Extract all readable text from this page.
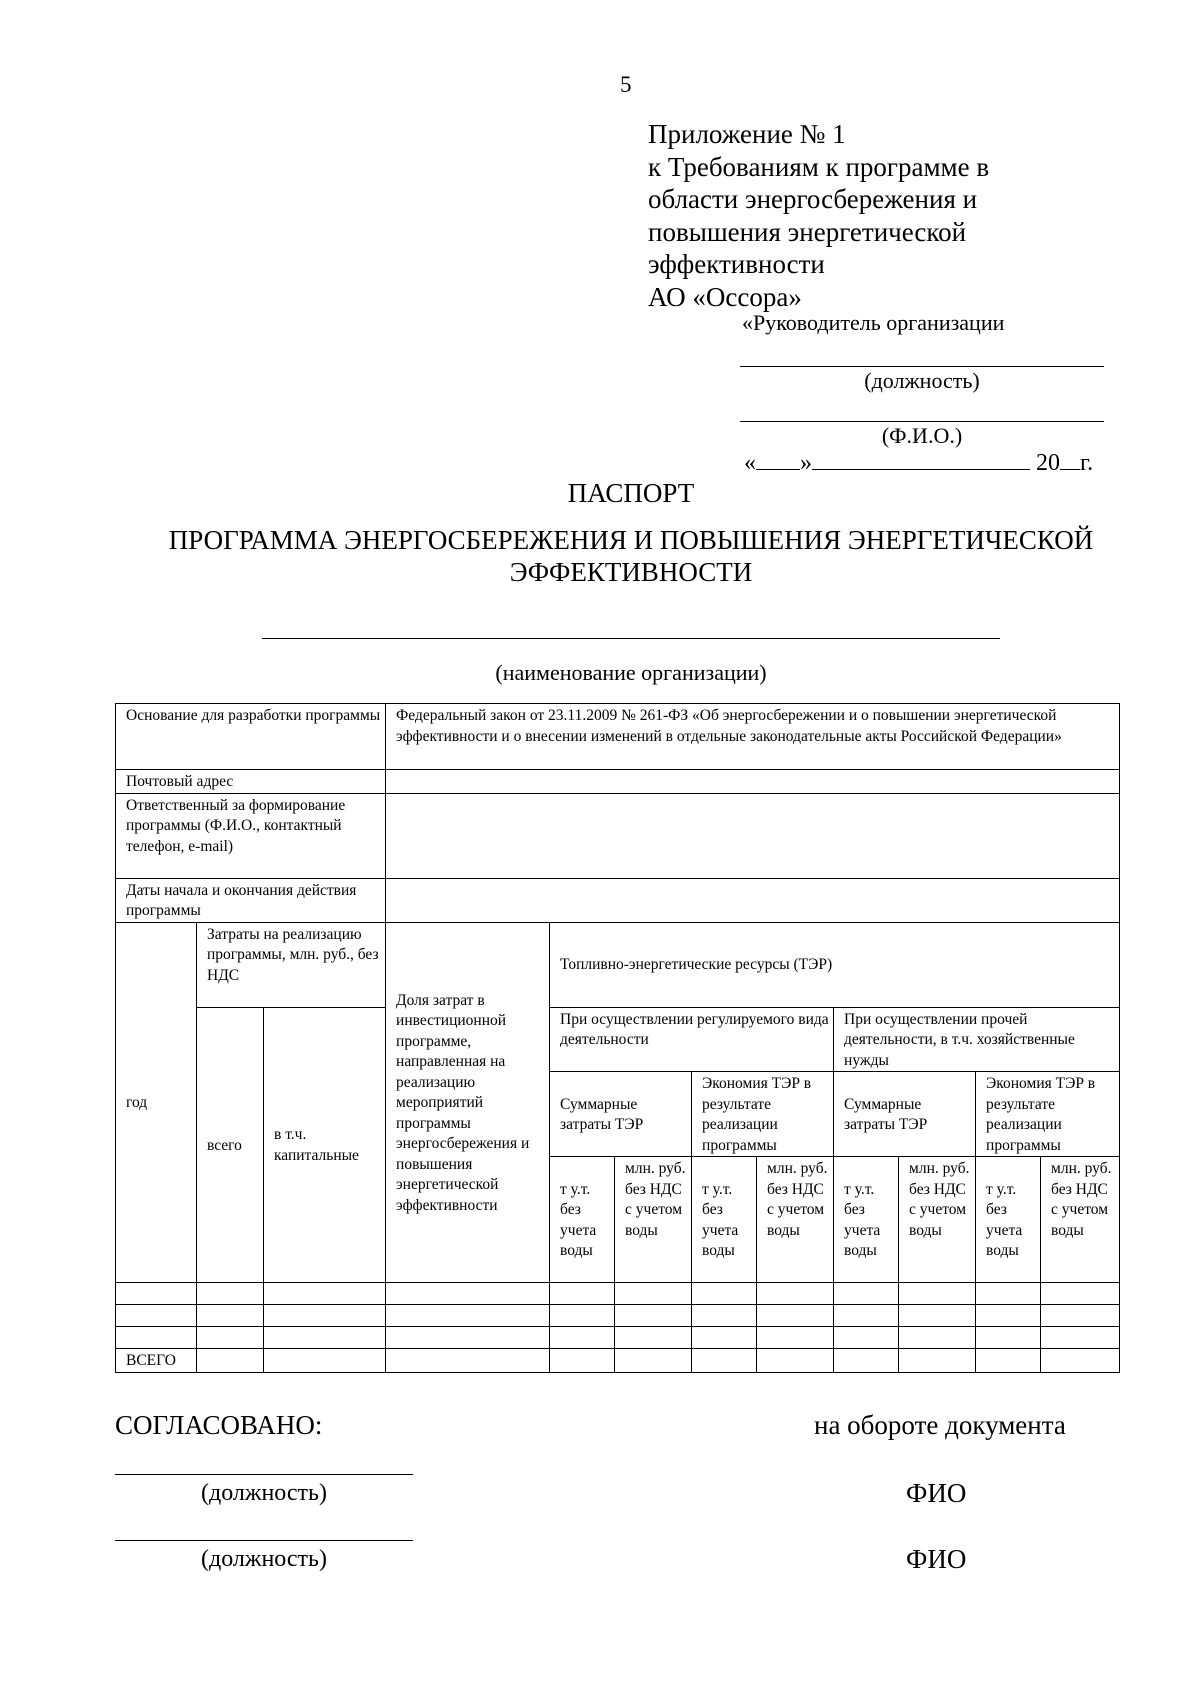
5
Приложение № 1
к Требованиям к программе в
области энергосбережения и
повышения энергетической
эффективности
АО «Оссора»
«Руководитель организации
(должность)
(Ф.И.О.)
« »	20 г.
ПАСПОРТ
ПРОГРАММА ЭНЕРГОСБЕРЕЖЕНИЯ И ПОВЫШЕНИЯ ЭНЕРГЕТИЧЕСКОЙ ЭФФЕКТИВНОСТИ
(наименование организации)
Основание для разработки программы			Федеральный закон от 23.11.2009 № 261-ФЗ «Об энергосбережении и о повышении энергетической эффективности и о внесении изменений в отдельные законодательные акты Российской Федерации»								
Почтовый адрес											
Ответственный за формирование программы (Ф.И.О., контактный телефон, e-mail)											
Даты начала и окончания действия программы											
год	Затраты на реализацию программы, млн. руб., без НДС		Доля затрат в инвестиционной программе, направленная на реализацию мероприятий программы энергосбережения и повышения энергетической эффективности	Топливно-энергетические ресурсы (ТЭР)							
	всего	в т.ч. капитальные		При осуществлении регулируемого вида деятельности				При осуществлении прочей деятельности, в т.ч. хозяйственные нужды			
				Суммарные затраты ТЭР		Экономия ТЭР в результате реализации программы		Суммарные затраты ТЭР		Экономия ТЭР в результате реализации программы	
				т у.т. без учета воды	млн. руб. без НДС с учетом воды	т у.т. без учета воды	млн. руб. без НДС с учетом воды	т у.т. без учета воды	млн. руб. без НДС с учетом воды	т у.т. без учета воды	млн. руб. без НДС с учетом воды

ВСЕГО											
СОГЛАСОВАНО:	на обороте документа
(должность)	ФИО
(должность)	ФИО
